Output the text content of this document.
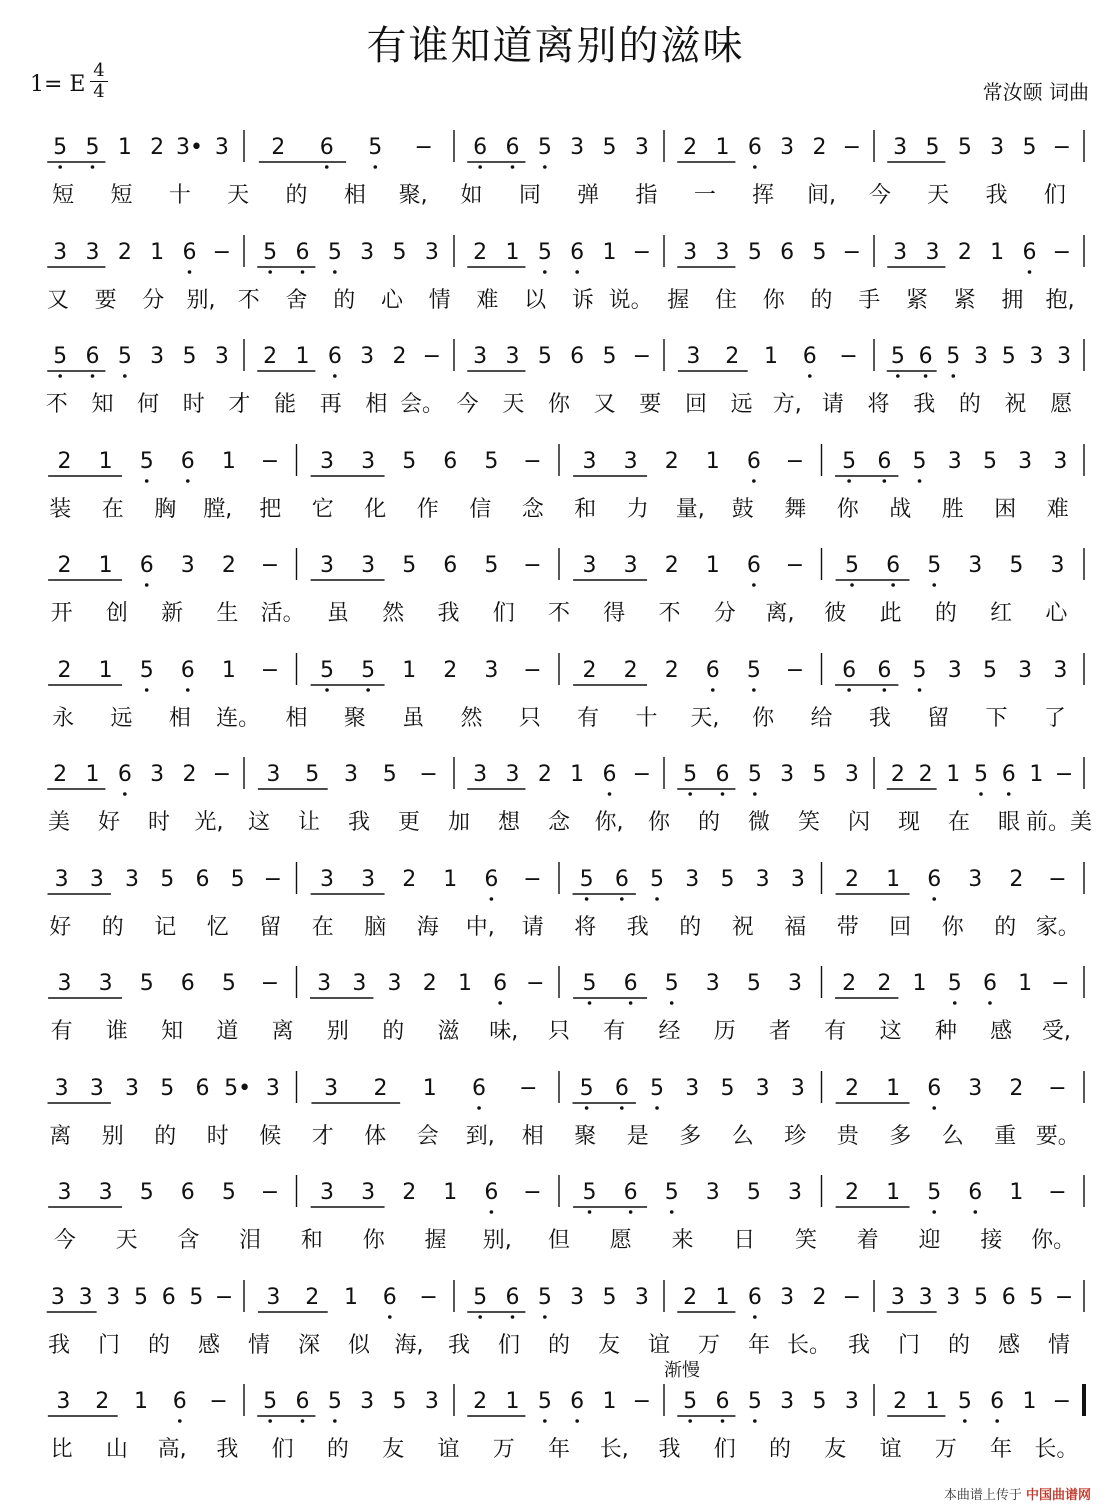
有谁知道离别的滋味
1= E
4
4	常汝颐 词曲
5 5 1 2 3• 3 2 6 5 − 6 6 5 3 5 3 2 1 6 3 2 − 3 5 5 3 5 −
短 短 十 天 的 相 聚, 如 同 弹 指 一 挥 间, 今 天 我 们
3 3 2 1 6 − 5 6 5 3 5 3 2 1 5 6 1 − 3 3 5 6 5 − 3 3 2 1 6 −
又 要 分 别, 不 舍 的 心 情 难 以 诉 说。 握 住 你 的 手 紧 紧 拥 抱,
5 6 5 3 5 3 2 1 6 3 2 − 3 3 5 6 5 − 3 2 1 6 − 5 6 5 3 5 3 3
不 知 何 时 才 能 再 相 会。 今 天 你 又 要 回 远 方, 请 将 我 的 祝 愿
2 1 5 6 1 − 3 3 5 6 5 − 3 3 2 1 6 − 5 6 5 3 5 3 3
装 在 胸 膛, 把 它 化 作 信 念 和 力 量, 鼓 舞 你 战 胜 困 难
2 1 6 3 2 − 3 3 5 6 5 − 3 3 2 1 6 − 5 6 5 3 5 3
开 创 新 生 活。 虽 然 我 们 不 得 不 分 离, 彼 此 的 红 心
2 1 5 6 1 − 5 5 1 2 3 − 2 2 2 6 5 − 6 6 5 3 5 3 3
永 远 相 连。 相 聚 虽 然 只 有 十 天, 你 给 我 留 下 了
2 1 6 3 2 − 3 5 3 5 − 3 3 2 1 6 − 5 6 5 3 5 3 2 2 1 5 6 1 −
美 好 时 光, 这 让 我 更 加 想 念 你, 你 的 微 笑 闪 现 在 眼 前。美
3 3 3 5 6 5 − 3 3 2 1 6 − 5 6 5 3 5 3 3 2 1 6 3 2 −
好 的 记 忆 留 在 脑 海 中, 请 将 我 的 祝 福 带 回 你 的 家。
3 3 5 6 5 − 3 3 3 2 1 6 − 5 6 5 3 5 3 2 2 1 5 6 1 −
有 谁 知 道 离 别 的 滋 味, 只 有 经 历 者 有 这 种 感 受,
3 3 3 5 6 5• 3 3 2 1 6 − 5 6 5 3 5 3 3 2 1 6 3 2 −
离 别 的 时 候 才 体 会 到, 相 聚 是 多 么 珍 贵 多 么 重 要。
3 3 5 6 5 − 3 3 2 1 6 − 5 6 5 3 5 3 2 1 5 6 1 −
今 天 含 泪 和 你 握 别, 但 愿 来 日 笑 着 迎 接 你。
3 3 3 5 6 5 − 3 2 1 6 − 5 6 5 3 5 3 2 1 6 3 2 − 3 3 3 5 6 5 −
我 门 的 感 情 深 似 海, 我 们 的 友 谊 万 年 长。 我 门 的 感 情
3 2 1 6 − 5 6 5 3 5 3 2 1 5 6 1 − 5 6 5 3 5 3 2 1 5 6 1 −
比 山 高, 我 们 的 友 谊 万 年 长, 我 们 的 友 谊 万 年 长。
渐慢
本曲谱上传于 中国曲谱网
